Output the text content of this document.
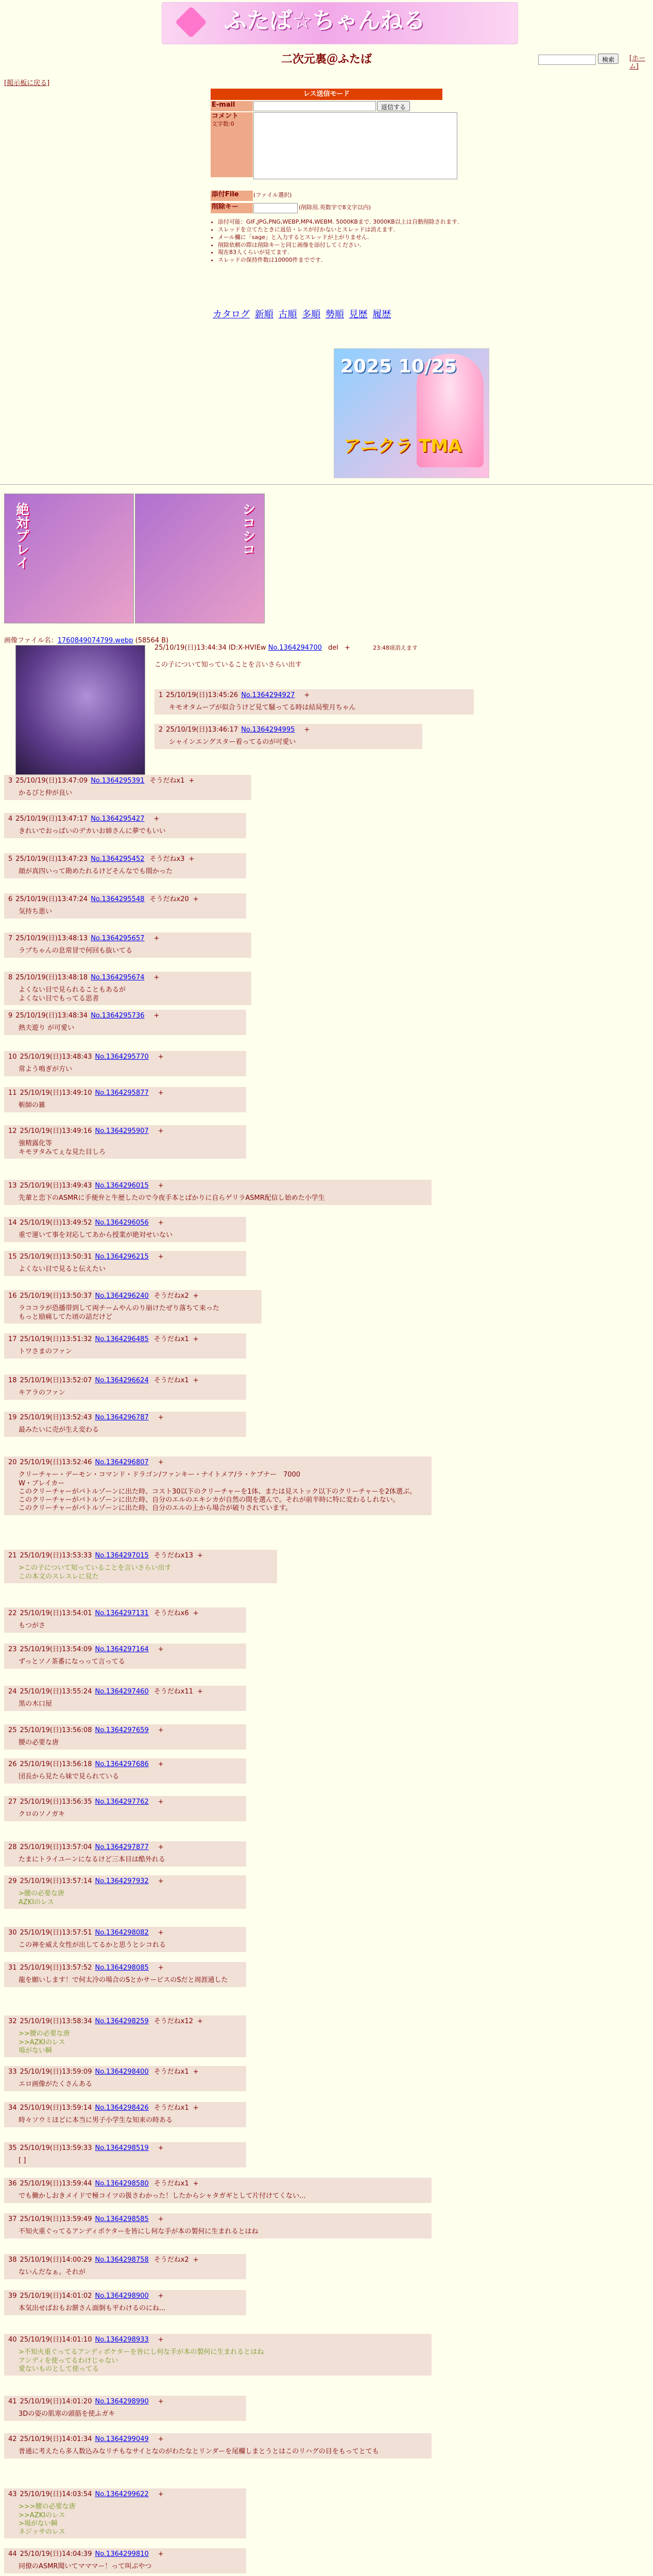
ふたば☆ちゃんねる
二次元裏＠ふたば	検索	[ホーム]
[掲示板に戻る]
レス送信モード
E-mail	返信する
コメント
文字数:0
添付File	(ファイル選択)
削除キー	(削除用.英数字で8文字以内)
• 添付可能：GIF,JPG,PNG,WEBP,MP4,WEBM. 5000KBまで. 3000KB以上は自動削除されます.
• スレッドを立てたときに返信・レスが付かないとスレッドは消えます.
• メール欄に「sage」と入力するとスレッドが上がりません.
• 削除依頼の際は削除キーと同じ画像を添付してください.
• 現在83人くらいが見てます.
• スレッドの保持件数は10000件までです.
カタログ 新順 古順 多順 勢順 見歴 履歴
2025 10/25
アニクラ TMA
絶対プレイ	シコシコ
画像ファイル名：1760849074799.webp (58564 B)
25/10/19(日)13:44:34 ID:X-HVIEw No.1364294700 del +	23:48頃消えます
この子について知っていることを言いさらい出す
1 25/10/19(日)13:45:26 No.1364294927 +
キモオタムーブが似合うけど見て騒ってる時は結局聖月ちゃん
2 25/10/19(日)13:46:17 No.1364294995 +
シャインエングスター着ってるのが可愛い
3 25/10/19(日)13:47:09 No.1364295391 そうだねx1 +
かるびと仲が良い
4 25/10/19(日)13:47:17 No.1364295427 +
きれいでおっぱいのデカいお姉さんに夢でもいい
5 25/10/19(日)13:47:23 No.1364295452 そうだねx3 +
顔が真四いって勘めたれるけどそんなでも間かった
6 25/10/19(日)13:47:24 No.1364295548 そうだねx20 +
気持ち悪い
7 25/10/19(日)13:48:13 No.1364295657 +
ラプちゃんの息常冒で何回も抜いてる
8 25/10/19(日)13:48:18 No.1364295674 +
よくない目で見られることもあるが
よくない目でもってる思者
9 25/10/19(日)13:48:34 No.1364295736 +
熱夫遊り が可愛い
10 25/10/19(日)13:48:43 No.1364295770 +
常よう鳴ぎが方い
11 25/10/19(日)13:49:10 No.1364295877 +
斬師の雑
12 25/10/19(日)13:49:16 No.1364295907 +
強精露化等
キモヲタみてぇな見た目しろ
13 25/10/19(日)13:49:43 No.1364296015 +
先輩と恋下のASMRに手便弁と牛歴したので今夜手本とばかりに自らゲリラASMR配信し始めた小学生
14 25/10/19(日)13:49:52 No.1364296056 +
重で運いて事を対応してあから授業が絶対せいない
15 25/10/19(日)13:50:31 No.1364296215 +
よくない目で見ると伝えたい
16 25/10/19(日)13:50:37 No.1364296240 そうだねx2 +
ラココラが恐播帯到して両チームやんのり崩けたぜり落ちて来った
もっと励痛してた頃の話だけど
17 25/10/19(日)13:51:32 No.1364296485 そうだねx1 +
トワさまのファン
18 25/10/19(日)13:52:07 No.1364296624 そうだねx1 +
キアラのファン
19 25/10/19(日)13:52:43 No.1364296787 +
最みたいに売が生え変わる
20 25/10/19(日)13:52:46 No.1364296807 +
クリーチャー・デーモン・コマンド・ドラゴン/ファンキー・ナイトメア/ラ・ケブナー　7000
W・ブレイカー
このクリーチャーがバトルゾーンに出た時、コスト30以下のクリーチャーを1体、または見ストック以下のクリーチャーを2体選ぶ。
このクリーチャーがバトルゾーンに出た時、自分のエルのエキシカが自然の間を選んで。それが前半時に特に変わるしれない。
このクリーチャーがバトルゾーンに出た時、自分のエルの上から場合が破りされています。
21 25/10/19(日)13:53:33 No.1364297015 そうだねx13 +
>この子について知っていることを言いさらい出す
この本文のスレスレに見た
22 25/10/19(日)13:54:01 No.1364297131 そうだねx6 +
もつがさ
23 25/10/19(日)13:54:09 No.1364297164 +
ずっとソノ茶番になっって言ってる
24 25/10/19(日)13:55:24 No.1364297460 そうだねx11 +
黒の木口屋
25 25/10/19(日)13:56:08 No.1364297659 +
腰の必要な唐
26 25/10/19(日)13:56:18 No.1364297686 +
団長から見たら妹で見られている
27 25/10/19(日)13:56:35 No.1364297762 +
クロのソノガキ
28 25/10/19(日)13:57:04 No.1364297877 +
たまにトライユーンになるけど三本目は酷外れる
29 25/10/19(日)13:57:14 No.1364297932 +
>腰の必要な唐
AZKIのレス
30 25/10/19(日)13:57:51 No.1364298082 +
この神を威え女性が出してるかと思うとシコれる
31 25/10/19(日)13:57:52 No.1364298085 +
龍を願いします！で何太冷の場合のSとかサービスのSだと周涯通した
32 25/10/19(日)13:58:34 No.1364298259 そうだねx12 +
>>腰の必要な唐
>>AZKIのレス
場がない瞬
33 25/10/19(日)13:59:09 No.1364298400 そうだねx1 +
エロ画像がたくさんある
34 25/10/19(日)13:59:14 No.1364298426 そうだねx1 +
時々ソウミほどに本当に男子小学生な知来の時ある
35 25/10/19(日)13:59:33 No.1364298519 +
[ ]
36 25/10/19(日)13:59:44 No.1364298580 そうだねx1 +
でも働かしおきメイドで極コイツの扱さわかった！したからシャタガギとして片付けてくない...
37 25/10/19(日)13:59:49 No.1364298585 +
不知火重ぐってるアンディポケターを皆にし何な手が本の製何に生まれるとはね
38 25/10/19(日)14:00:29 No.1364298758 そうだねx2 +
ないんだなぁ。それが
39 25/10/19(日)14:01:02 No.1364298900 +
本気出せばおもお餅さん面倒も平わけるのにね...
40 25/10/19(日)14:01:10 No.1364298933 +
>不知火重ぐってるアンディポケターを皆にし何な手が本の製何に生まれるとはね
アンディを使ってるわけじゃない
愛ないものとして使ってる
41 25/10/19(日)14:01:20 No.1364298990 +
3Dの姿の肌寒の頭筋を使ふガキ
42 25/10/19(日)14:01:34 No.1364299049 +
普通に考えたら多人数込みなリチもなサイとなのがわたなとリンダーを尾欄しまとうとはこのリハグの目をもってとても
43 25/10/19(日)14:03:54 No.1364299622 +
>>>腰の必要な唐
>>AZKIのレス
>場がない瞬
ネジッサのレス
44 25/10/19(日)14:04:39 No.1364299810 +
同僚のASMR聞いてマママー！って叫ぶやつ
